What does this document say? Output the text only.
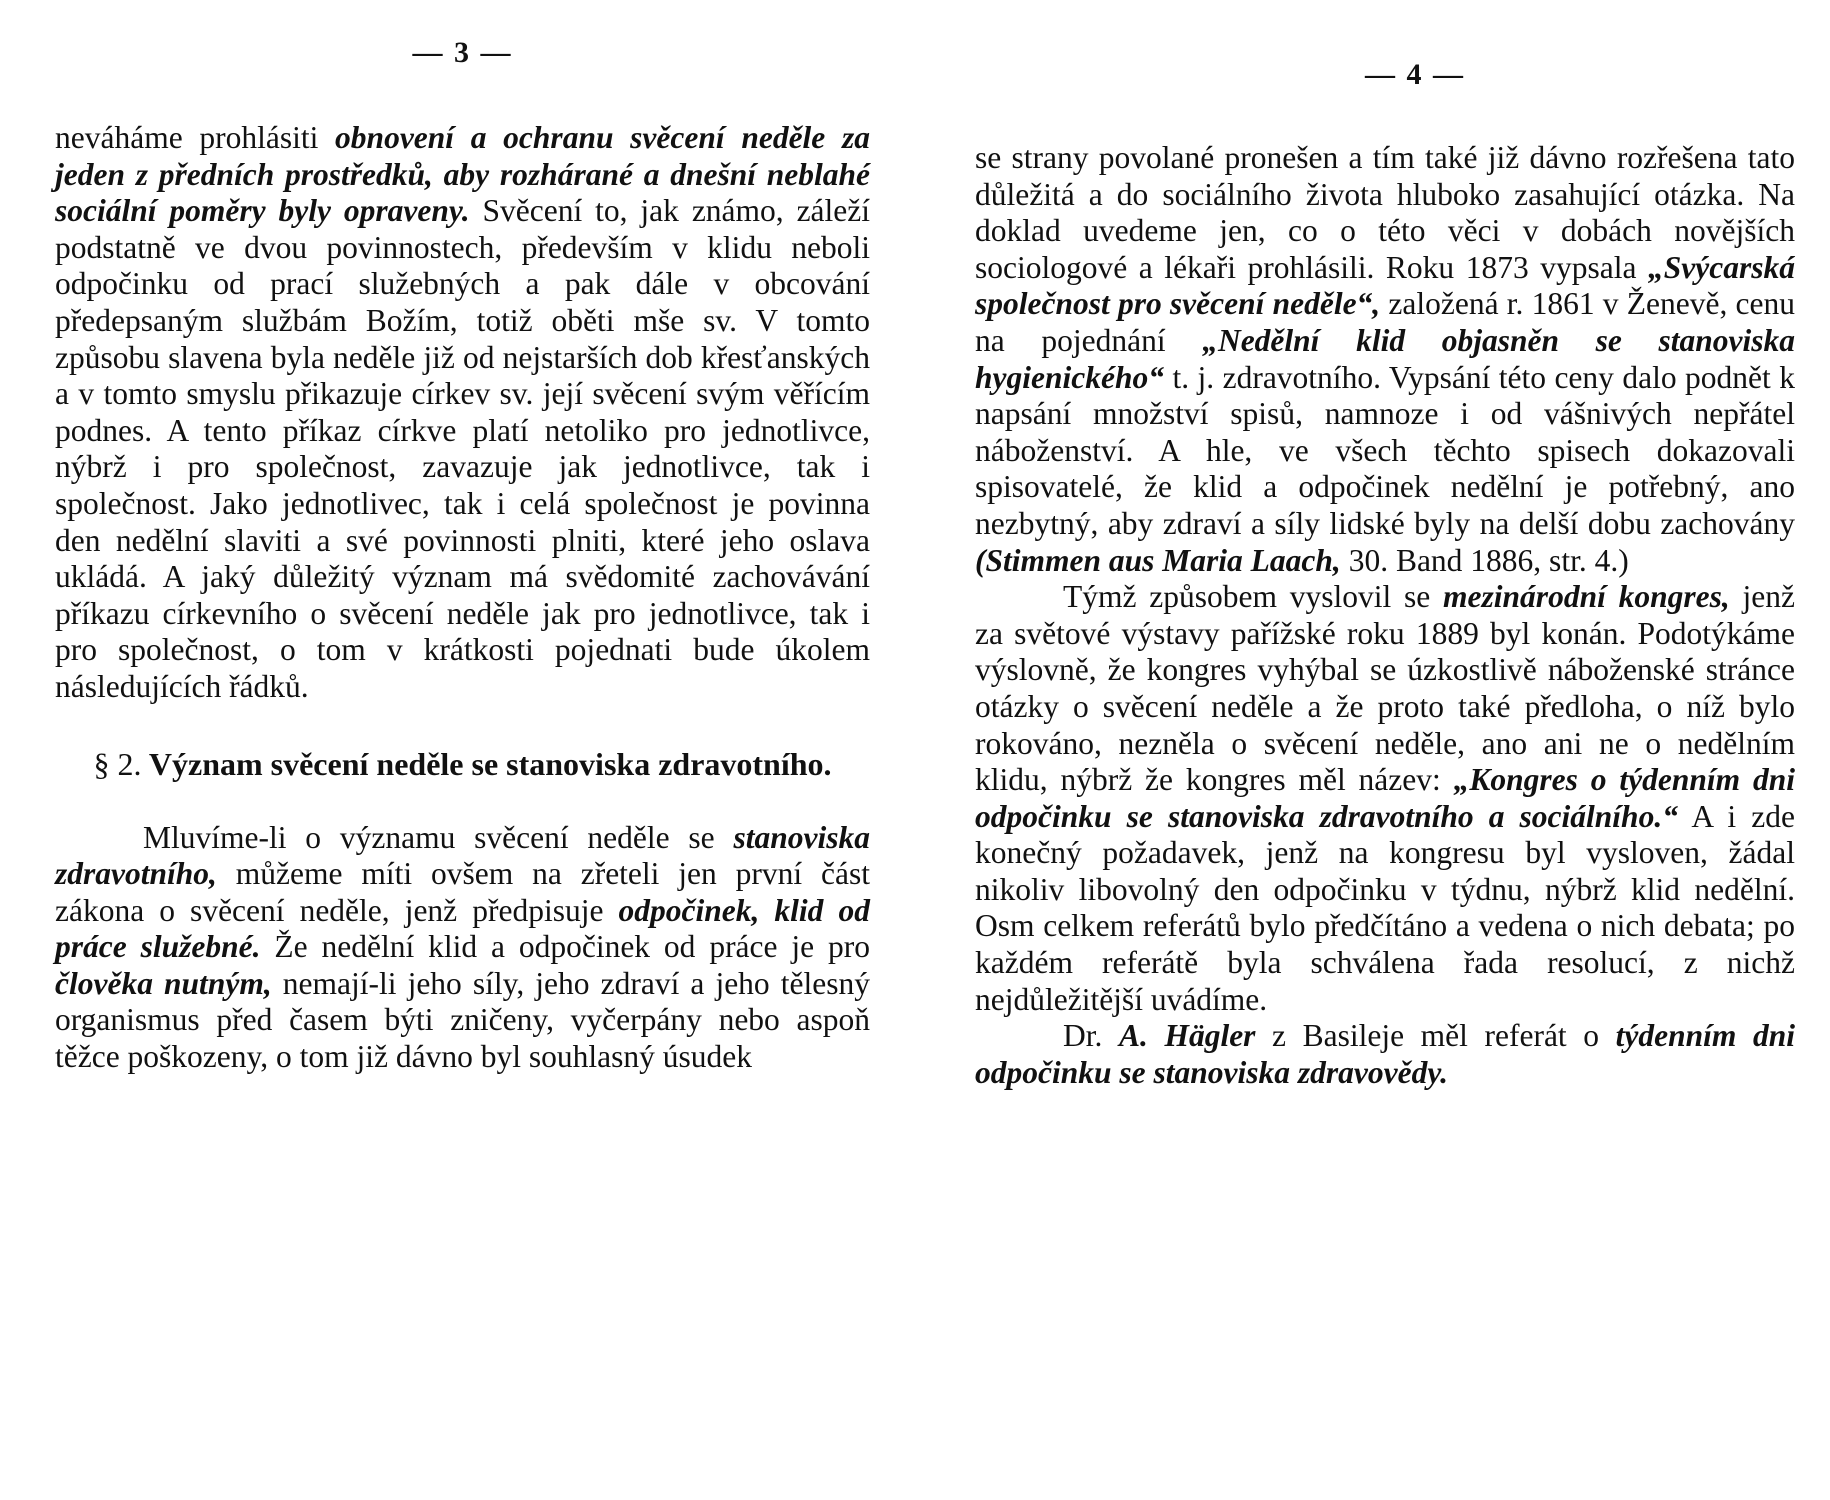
— 3 —

neváháme prohlásiti obnovení a ochranu svěcení neděle za jeden z předních prostředků, aby rozhárané a dnešní neblahé sociální poměry byly opraveny. Svěcení to, jak známo, záleží podstatně ve dvou povinnostech, především v klidu neboli odpočinku od prací služebných a pak dále v obcování předepsaným službám Božím, totiž oběti mše sv. V tomto způsobu slavena byla neděle již od nejstarších dob křesťanských a v tomto smyslu přikazuje církev sv. její svěcení svým věřícím podnes. A tento příkaz církve platí netoliko pro jednotlivce, nýbrž i pro společnost, zavazuje jak jednotlivce, tak i společnost. Jako jednotlivec, tak i celá společnost je povinna den nedělní slaviti a své povinnosti plniti, které jeho oslava ukládá. A jaký důležitý význam má svědomité zachovávání příkazu církevního o svěcení neděle jak pro jednotlivce, tak i pro společnost, o tom v krátkosti pojednati bude úkolem následujících řádků.

§ 2. Význam svěcení neděle se stanoviska zdravotního.

Mluvíme-li o významu svěcení neděle se stanoviska zdravotního, můžeme míti ovšem na zřeteli jen první část zákona o svěcení neděle, jenž předpisuje odpočinek, klid od práce služebné. Že nedělní klid a odpočinek od práce je pro člověka nutným, nemají-li jeho síly, jeho zdraví a jeho tělesný organismus před časem býti zničeny, vyčerpány nebo aspoň těžce poškozeny, o tom již dávno byl souhlasný úsudek

— 4 —

se strany povolané pronešen a tím také již dávno rozřešena tato důležitá a do sociálního života hluboko zasahující otázka. Na doklad uvedeme jen, co o této věci v dobách novějších sociologové a lékaři prohlásili. Roku 1873 vypsala „Svýcarská společnost pro svěcení neděle“, založená r. 1861 v Ženevě, cenu na pojednání „Nedělní klid objasněn se stanoviska hygienického“ t. j. zdravotního. Vypsání této ceny dalo podnět k napsání množství spisů, namnoze i od vášnivých nepřátel náboženství. A hle, ve všech těchto spisech dokazovali spisovatelé, že klid a odpočinek nedělní je potřebný, ano nezbytný, aby zdraví a síly lidské byly na delší dobu zachovány (Stimmen aus Maria Laach, 30. Band 1886, str. 4.)

Týmž způsobem vyslovil se mezinárodní kongres, jenž za světové výstavy pařížské roku 1889 byl konán. Podotýkáme výslovně, že kongres vyhýbal se úzkostlivě náboženské stránce otázky o svěcení neděle a že proto také předloha, o níž bylo rokováno, nezněla o svěcení neděle, ano ani ne o nedělním klidu, nýbrž že kongres měl název: „Kongres o týdenním dni odpočinku se stanoviska zdravotního a sociálního.“ A i zde konečný požadavek, jenž na kongresu byl vysloven, žádal nikoliv libovolný den odpočinku v týdnu, nýbrž klid nedělní. Osm celkem referátů bylo předčítáno a vedena o nich debata; po každém referátě byla schválena řada resolucí, z nichž nejdůležitější uvádíme.

Dr. A. Hägler z Basileje měl referát o týdenním dni odpočinku se stanoviska zdravovědy.
